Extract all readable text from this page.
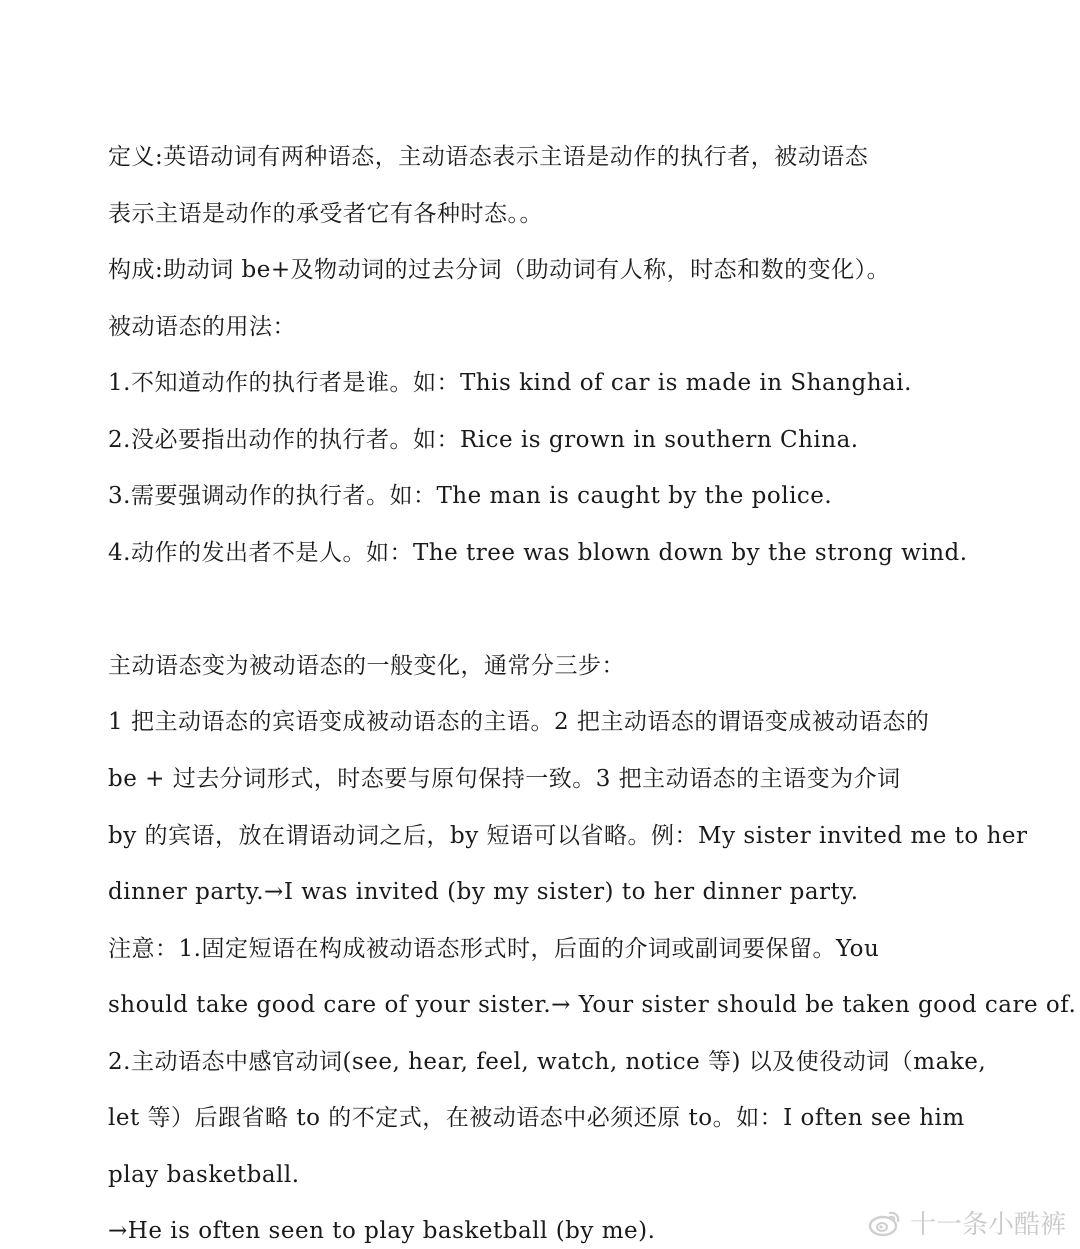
定义:英语动词有两种语态，主动语态表示主语是动作的执行者，被动语态
表示主语是动作的承受者它有各种时态。。
构成:助动词 be+及物动词的过去分词（助动词有人称，时态和数的变化）。
被动语态的用法：
1.不知道动作的执行者是谁。如：This kind of car is made in Shanghai.
2.没必要指出动作的执行者。如：Rice is grown in southern China.
3.需要强调动作的执行者。如：The man is caught by the police.
4.动作的发出者不是人。如：The tree was blown down by the strong wind.
主动语态变为被动语态的一般变化，通常分三步：
1 把主动语态的宾语变成被动语态的主语。2 把主动语态的谓语变成被动语态的
be + 过去分词形式，时态要与原句保持一致。3 把主动语态的主语变为介词
by 的宾语，放在谓语动词之后，by 短语可以省略。例：My sister invited me to her
dinner party.→I was invited (by my sister) to her dinner party.
注意：1.固定短语在构成被动语态形式时，后面的介词或副词要保留。You
should take good care of your sister.→ Your sister should be taken good care of.
2.主动语态中感官动词(see, hear, feel, watch, notice 等) 以及使役动词（make,
let 等）后跟省略 to 的不定式，在被动语态中必须还原 to。如：I often see him
play basketball.
→He is often seen to play basketball (by me).	十一条小酷裤
